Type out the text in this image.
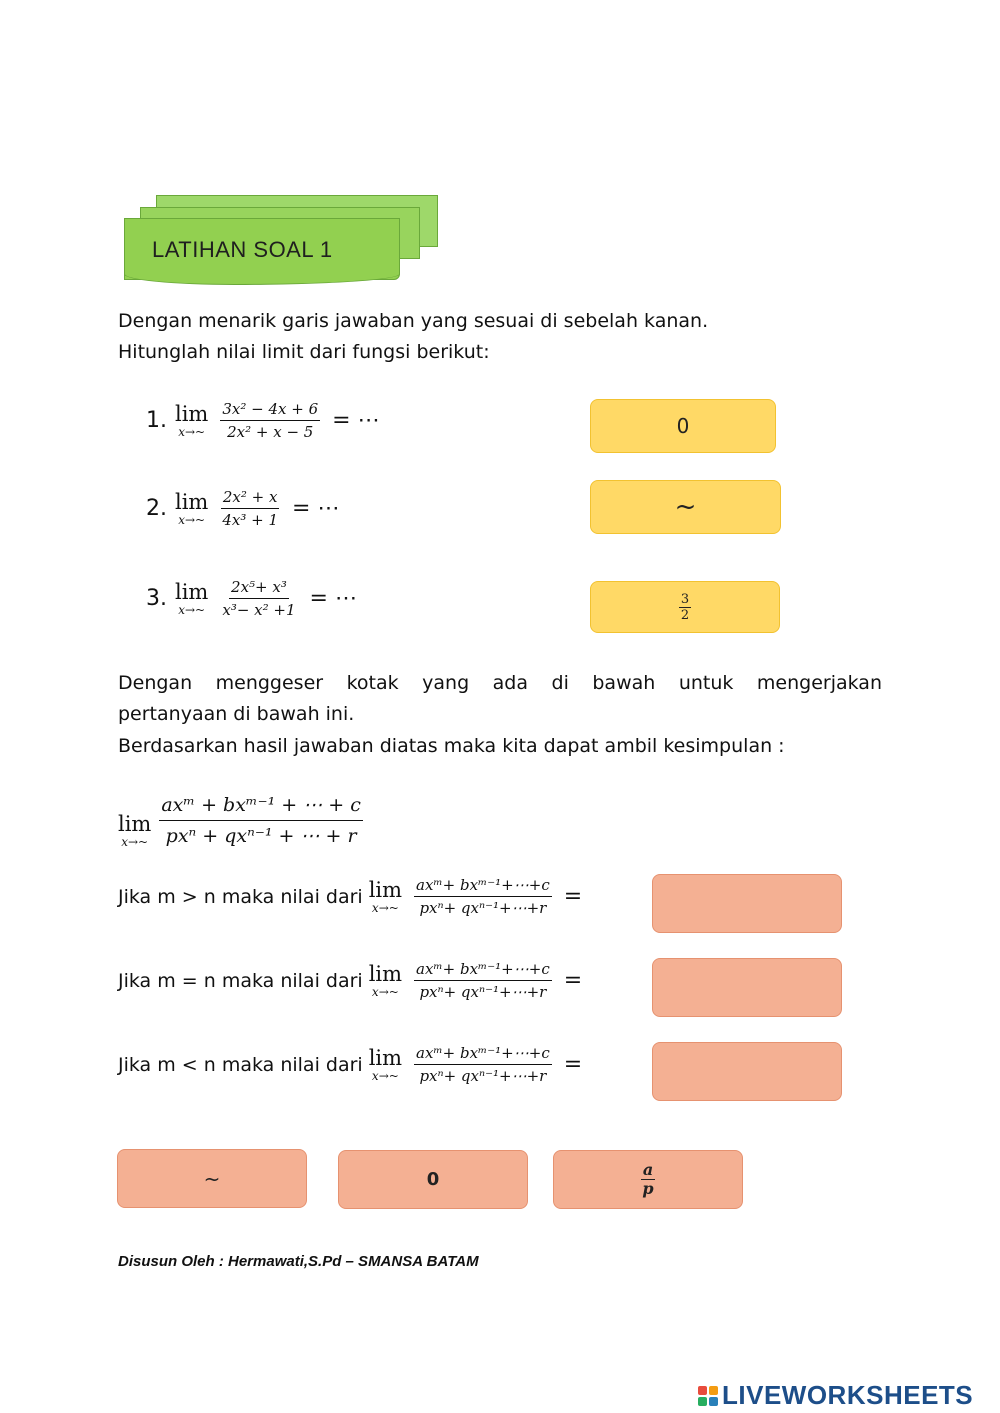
LATIHAN SOAL 1
Dengan menarik garis jawaban yang sesuai di sebelah kanan.
Hitunglah nilai limit dari fungsi berikut:
1. lim
x→~ $\frac{\text{3x² − 4x + 6}}{\text{2x² + x − 5}}$ = ⋯	0
2. lim
x→~ $\frac{\text{2x² + x}}{\text{4x³ + 1}}$ = ⋯	~
3. lim
x→~ $\frac{\text{2x⁵+ x³}}{\text{x³− x² +1}}$ = ⋯	$\frac{3}{2}$
Dengan menggeser kotak yang ada di bawah untuk mengerjakan
pertanyaan di bawah ini.
Berdasarkan hasil jawaban diatas maka kita dapat ambil kesimpulan :
lim
x→~ $\frac{\text{axᵐ + bxᵐ⁻¹ + ⋯ + c}}{\text{pxⁿ + qxⁿ⁻¹ + ⋯ + r}}$
Jika m > n maka nilai dari lim
x→~ $\frac{\text{axᵐ+ bxᵐ⁻¹+⋯+c}}{\text{pxⁿ+ qxⁿ⁻¹+⋯+r}}$ =
Jika m = n maka nilai dari lim
x→~ $\frac{\text{axᵐ+ bxᵐ⁻¹+⋯+c}}{\text{pxⁿ+ qxⁿ⁻¹+⋯+r}}$ =
Jika m < n maka nilai dari lim
x→~ $\frac{\text{axᵐ+ bxᵐ⁻¹+⋯+c}}{\text{pxⁿ+ qxⁿ⁻¹+⋯+r}}$ =
~	0	$\frac{a}{p}$
Disusun Oleh : Hermawati,S.Pd – SMANSA BATAM
LIVEWORKSHEETS
